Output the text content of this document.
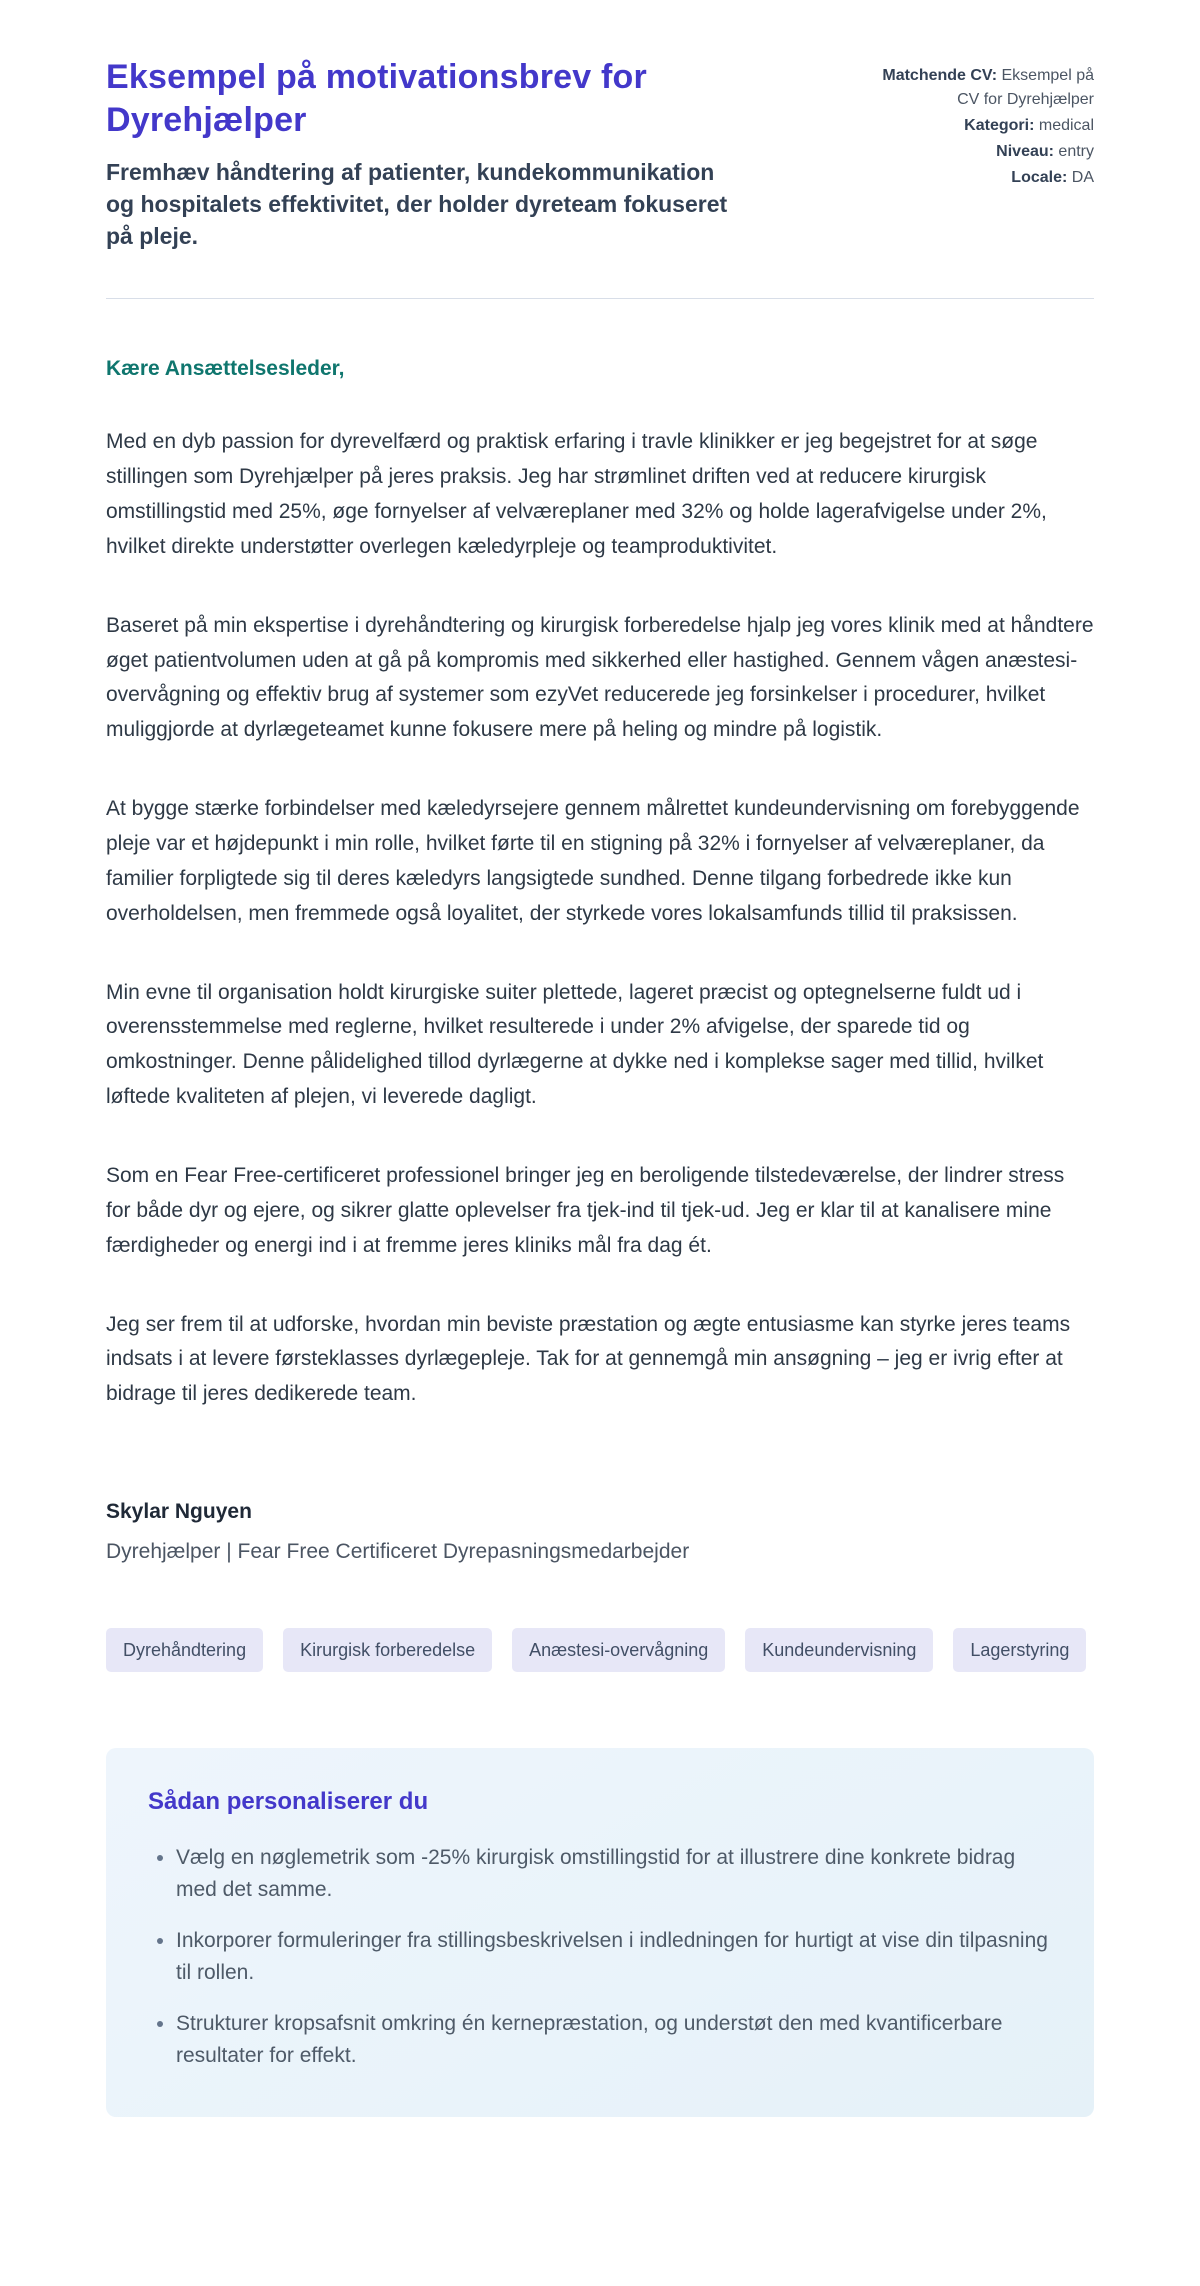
Eksempel på motivationsbrev for Dyrehjælper

Fremhæv håndtering af patienter, kundekommunikation og hospitalets effektivitet, der holder dyreteam fokuseret på pleje.

Matchende CV: Eksempel på CV for Dyrehjælper

Kategori: medical

Niveau: entry

Locale: DA

Kære Ansættelsesleder,

Med en dyb passion for dyrevelfærd og praktisk erfaring i travle klinikker er jeg begejstret for at søge stillingen som Dyrehjælper på jeres praksis. Jeg har strømlinet driften ved at reducere kirurgisk omstillingstid med 25%, øge fornyelser af velværeplaner med 32% og holde lagerafvigelse under 2%, hvilket direkte understøtter overlegen kæledyrpleje og teamproduktivitet.

Baseret på min ekspertise i dyrehåndtering og kirurgisk forberedelse hjalp jeg vores klinik med at håndtere øget patientvolumen uden at gå på kompromis med sikkerhed eller hastighed. Gennem vågen anæstesi-overvågning og effektiv brug af systemer som ezyVet reducerede jeg forsinkelser i procedurer, hvilket muliggjorde at dyrlægeteamet kunne fokusere mere på heling og mindre på logistik.

At bygge stærke forbindelser med kæledyrsejere gennem målrettet kundeundervisning om forebyggende pleje var et højdepunkt i min rolle, hvilket førte til en stigning på 32% i fornyelser af velværeplaner, da familier forpligtede sig til deres kæledyrs langsigtede sundhed. Denne tilgang forbedrede ikke kun overholdelsen, men fremmede også loyalitet, der styrkede vores lokalsamfunds tillid til praksissen.

Min evne til organisation holdt kirurgiske suiter plettede, lageret præcist og optegnelserne fuldt ud i overensstemmelse med reglerne, hvilket resulterede i under 2% afvigelse, der sparede tid og omkostninger. Denne pålidelighed tillod dyrlægerne at dykke ned i komplekse sager med tillid, hvilket løftede kvaliteten af plejen, vi leverede dagligt.

Som en Fear Free-certificeret professionel bringer jeg en beroligende tilstedeværelse, der lindrer stress for både dyr og ejere, og sikrer glatte oplevelser fra tjek-ind til tjek-ud. Jeg er klar til at kanalisere mine færdigheder og energi ind i at fremme jeres kliniks mål fra dag ét.

Jeg ser frem til at udforske, hvordan min beviste præstation og ægte entusiasme kan styrke jeres teams indsats i at levere førsteklasses dyrlægepleje. Tak for at gennemgå min ansøgning – jeg er ivrig efter at bidrage til jeres dedikerede team.

Skylar Nguyen

Dyrehjælper | Fear Free Certificeret Dyrepasningsmedarbejder

Dyrehåndtering	Kirurgisk forberedelse	Anæstesi-overvågning	Kundeundervisning	Lagerstyring
Sådan personaliserer du
• Vælg en nøglemetrik som -25% kirurgisk omstillingstid for at illustrere dine konkrete bidrag med det samme.
• Inkorporer formuleringer fra stillingsbeskrivelsen i indledningen for hurtigt at vise din tilpasning til rollen.
• Strukturer kropsafsnit omkring én kernepræstation, og understøt den med kvantificerbare resultater for effekt.
